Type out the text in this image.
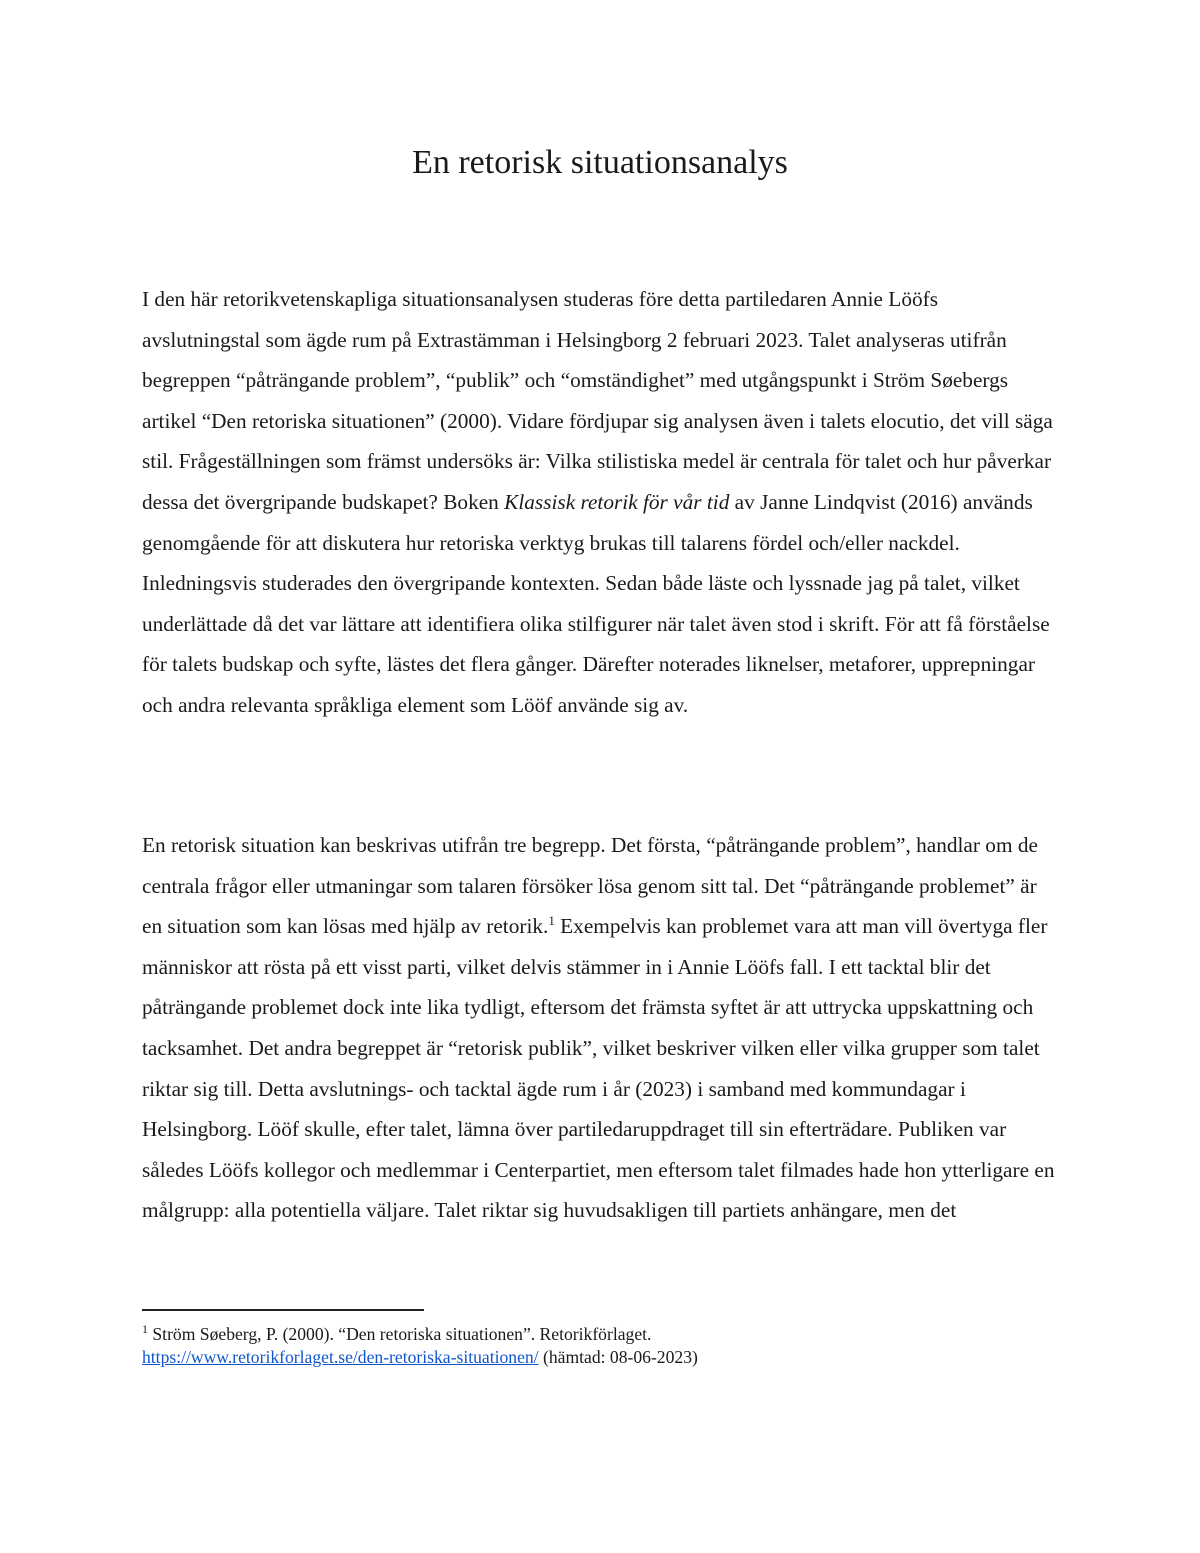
En retorisk situationsanalys

I den här retorikvetenskapliga situationsanalysen studeras före detta partiledaren Annie Lööfs avslutningstal som ägde rum på Extrastämman i Helsingborg 2 februari 2023. Talet analyseras utifrån begreppen “påträngande problem”, “publik” och “omständighet” med utgångspunkt i Ström Søebergs artikel “Den retoriska situationen” (2000). Vidare fördjupar sig analysen även i talets elocutio, det vill säga stil. Frågeställningen som främst undersöks är: Vilka stilistiska medel är centrala för talet och hur påverkar dessa det övergripande budskapet? Boken Klassisk retorik för vår tid av Janne Lindqvist (2016) används genomgående för att diskutera hur retoriska verktyg brukas till talarens fördel och/eller nackdel. Inledningsvis studerades den övergripande kontexten. Sedan både läste och lyssnade jag på talet, vilket underlättade då det var lättare att identifiera olika stilfigurer när talet även stod i skrift. För att få förståelse för talets budskap och syfte, lästes det flera gånger. Därefter noterades liknelser, metaforer, upprepningar och andra relevanta språkliga element som Lööf använde sig av.

En retorisk situation kan beskrivas utifrån tre begrepp. Det första, “påträngande problem”, handlar om de centrala frågor eller utmaningar som talaren försöker lösa genom sitt tal. Det “påträngande problemet” är en situation som kan lösas med hjälp av retorik.$^1$ Exempelvis kan problemet vara att man vill övertyga fler människor att rösta på ett visst parti, vilket delvis stämmer in i Annie Lööfs fall. I ett tacktal blir det påträngande problemet dock inte lika tydligt, eftersom det främsta syftet är att uttrycka uppskattning och tacksamhet. Det andra begreppet är “retorisk publik”, vilket beskriver vilken eller vilka grupper som talet riktar sig till. Detta avslutnings- och tacktal ägde rum i år (2023) i samband med kommundagar i Helsingborg. Lööf skulle, efter talet, lämna över partiledaruppdraget till sin efterträdare. Publiken var således Lööfs kollegor och medlemmar i Centerpartiet, men eftersom talet filmades hade hon ytterligare en målgrupp: alla potentiella väljare. Talet riktar sig huvudsakligen till partiets anhängare, men det

$^1$ Ström Søeberg, P. (2000). “Den retoriska situationen”. Retorikförlaget.
https://www.retorikforlaget.se/den-retoriska-situationen/ (hämtad: 08-06-2023)
